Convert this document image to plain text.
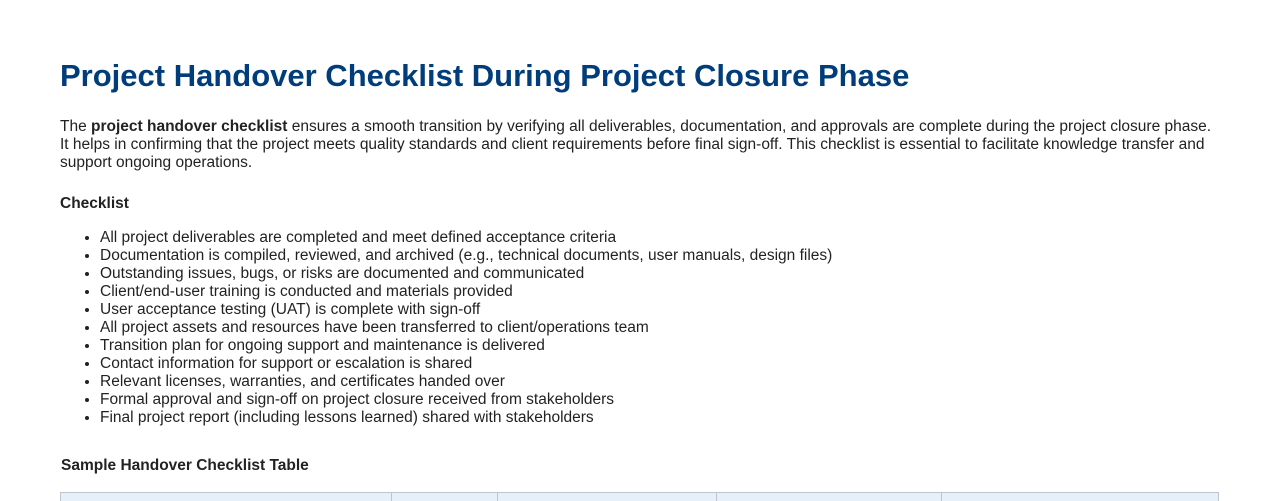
Project Handover Checklist During Project Closure Phase

The project handover checklist ensures a smooth transition by verifying all deliverables, documentation, and approvals are complete during the project closure phase. It helps in confirming that the project meets quality standards and client requirements before final sign-off. This checklist is essential to facilitate knowledge transfer and support ongoing operations.

Checklist
• All project deliverables are completed and meet defined acceptance criteria
• Documentation is compiled, reviewed, and archived (e.g., technical documents, user manuals, design files)
• Outstanding issues, bugs, or risks are documented and communicated
• Client/end-user training is conducted and materials provided
• User acceptance testing (UAT) is complete with sign-off
• All project assets and resources have been transferred to client/operations team
• Transition plan for ongoing support and maintenance is delivered
• Contact information for support or escalation is shared
• Relevant licenses, warranties, and certificates handed over
• Formal approval and sign-off on project closure received from stakeholders
• Final project report (including lessons learned) shared with stakeholders
Sample Handover Checklist Table
